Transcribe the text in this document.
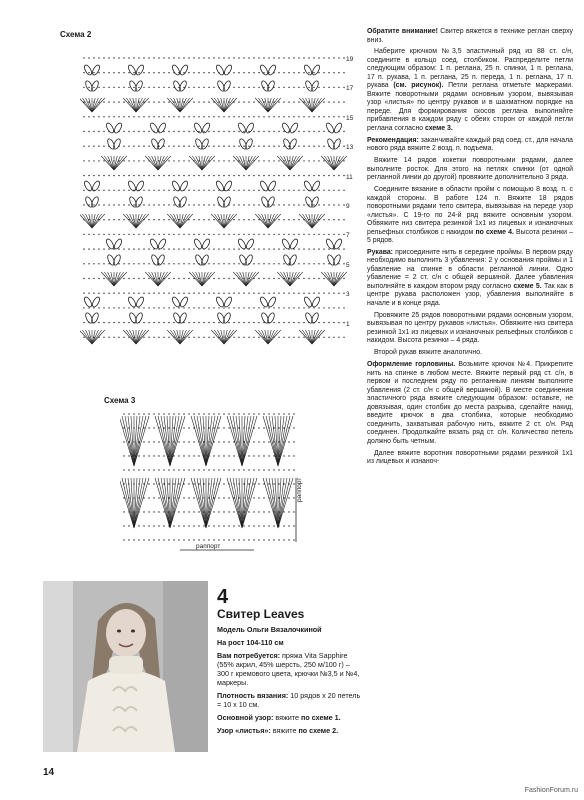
Схема 2
19
17
15
13
11
9
7
5
3
1
Схема 3
раппорт
раппорт

Обратите внимание! Свитер вяжется в технике реглан сверху вниз.

Наберите крючком №3,5 эластичный ряд из 88 ст. с/н, соедините в кольцо соед. столбиком. Распределите петли следующим образом: 1 п. реглана, 25 п. спинки, 1 п. реглана, 17 п. рукава, 1 п. реглана, 25 п. переда, 1 п. реглана, 17 п. рукава (см. рисунок). Петли реглана отметьте маркерами. Вяжите поворотными рядами основным узором, вывязывая узор «листья» по центру рукавов и в шахматном порядке на переде. Для формирования скосов реглана выполняйте прибавления в каждом ряду с обеих сторон от каждой петли реглана согласно схеме 3.

Рекомендация: заканчивайте каждый ряд соед. ст., для начала нового ряда вяжите 2 возд. п. подъема.

Вяжите 14 рядов кокетки поворотными рядами, далее выполните росток. Для этого на петлях спинки (от одной регланной линии до другой) провяжите дополнительно 3 ряда.

Соедините вязание в области пройм с помощью 8 возд. п. с каждой стороны. В работе 124 п. Вяжите 18 рядов поворотными рядами тело свитера, вывязывая на переде узор «листья». С 19-го по 24-й ряд вяжите основным узором. Обвяжите низ свитера резинкой 1х1 из лицевых и изнаночных рельефных столбиков с накидом по схеме 4. Высота резинки – 5 рядов.

Рукава: присоедините нить в середине проймы. В первом ряду необходимо выполнить 3 убавления: 2 у основания проймы и 1 убавление на спинке в области регланной линии. Одно убавление = 2 ст. с/н с общей вершиной. Далее убавления выполняйте в каждом втором ряду согласно схеме 5. Так как в центре рукава расположен узор, убавления выполняйте в начале и в конце ряда.

Провяжите 25 рядов поворотными рядами основным узором, вывязывая по центру рукавов «листья». Обвяжите низ свитера резинкой 1х1 из лицевых и изнаночных рельефных столбиков с накидом. Высота резинки – 4 ряда.

Второй рукав вяжите аналогично.

Оформление горловины. Возьмите крючок №4. Прикрепите нить на спинке в любом месте. Вяжите первый ряд ст. с/н, в первом и последнем ряду по регланным линиям выполните убавления (2 ст. с/н с общей вершиной). В месте соединения эластичного ряда вяжите следующим образом: оставьте, не довязывая, один столбик до места разрыва, сделайте накид, введите крючок в два столбика, которые необходимо соединить, захватывая рабочую нить, вяжите 2 ст. с/н. Ряд соединен. Продолжайте вязать ряд ст. с/н. Количество петель должно быть четным.

Далее вяжите воротник поворотными рядами резинкой 1х1 из лицевых и изнаноч-

4
Свитер Leaves

Модель Ольги Вязалочкиной

На рост 104-110 см

Вам потребуется: пряжа Vita Sapphire (55% акрил, 45% шерсть, 250 м/100 г) – 300 г кремового цвета, крючки №3,5 и №4, маркеры.

Плотность вязания: 10 рядов х 20 петель = 10 х 10 см.

Основной узор: вяжите по схеме 1.

Узор «листья»: вяжите по схеме 2.

14
FashionForum.ru
